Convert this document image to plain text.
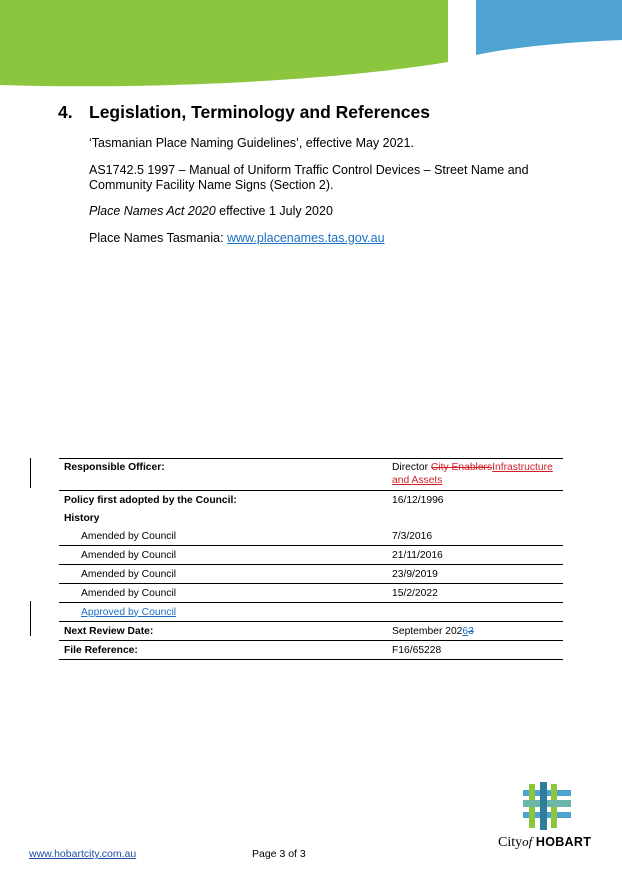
4. Legislation, Terminology and References

‘Tasmanian Place Naming Guidelines’, effective May 2021.

AS1742.5 1997 – Manual of Uniform Traffic Control Devices – Street Name and Community Facility Name Signs (Section 2).

Place Names Act 2020 effective 1 July 2020

Place Names Tasmania: www.placenames.tas.gov.au

Responsible Officer:	Director City EnablersInfrastructure and Assets
Policy first adopted by the Council:	16/12/1996
History	
Amended by Council	7/3/2016
Amended by Council	21/11/2016
Amended by Council	23/9/2019
Amended by Council	15/2/2022
Approved by Council	
Next Review Date:	September 20263
File Reference:	F16/65228
Cityof HOBART
www.hobartcity.com.au	Page 3 of 3
